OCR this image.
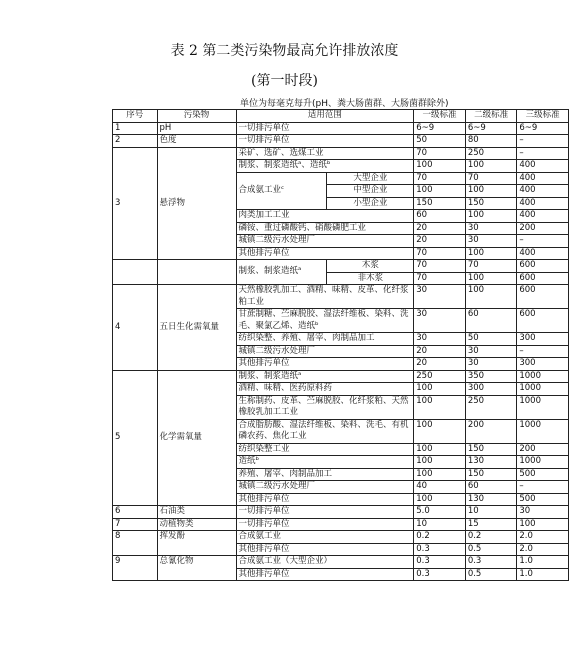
表 2 第二类污染物最高允许排放浓度
(第一时段)
单位为每毫克每升(pH、粪大肠菌群、大肠菌群除外)
序号	污染物	适用范围		一级标准	二级标准	三级标准
1	pH	一切排污单位		6~9	6~9	6~9
2	色度	一切排污单位		50	80	–
3	悬浮物	采矿、选矿、选煤工业		70	250	–
		制浆、制浆造纸ᵃ、造纸ᵇ		100	100	400
		合成氨工业ᶜ	大型企业	70	70	400
			中型企业	100	100	400
			小型企业	150	150	400
		肉类加工工业		60	100	400
		磷铵、重过磷酸钙、硝酸磷肥工业		20	30	200
		城镇二级污水处理厂		20	30	–
		其他排污单位		70	100	400
		制浆、制浆造纸ᵃ	木浆	70	70	600
			非木浆	70	100	600
4	五日生化需氧量	天然橡胶乳加工、酒精、味精、皮革、化纤浆粕工业		30	100	600
		甘蔗制糖、苎麻脱胶、湿法纤维板、染料、洗毛、聚氯乙烯、造纸ᵇ		30	60	600
		纺织染整、养殖、屠宰、肉制品加工		30	50	300
		城镇二级污水处理厂		20	30	–
		其他排污单位		20	30	300
5	化学需氧量	制浆、制浆造纸ᵃ		250	350	1000
		酒精、味精、医药原料药		100	300	1000
		生称制药、皮革、苎麻脱胶、化纤浆粕、天然橡胶乳加工工业		100	250	1000
		合成脂肪酸、湿法纤维板、染料、洗毛、有机磷农药、焦化工业		100	200	1000
		纺织染整工业		100	150	200
		造纸ᵇ		100	130	1000
		养殖、屠宰、肉制品加工		100	150	500
		城镇二级污水处理厂		40	60	–
		其他排污单位		100	130	500
6	石油类	一切排污单位		5.0	10	30
7	动植物类	一切排污单位		10	15	100
8	挥发酚	合成氨工业		0.2	0.2	2.0
		其他排污单位		0.3	0.5	2.0
9	总氰化物	合成氨工业（大型企业）		0.3	0.3	1.0
		其他排污单位		0.3	0.5	1.0
